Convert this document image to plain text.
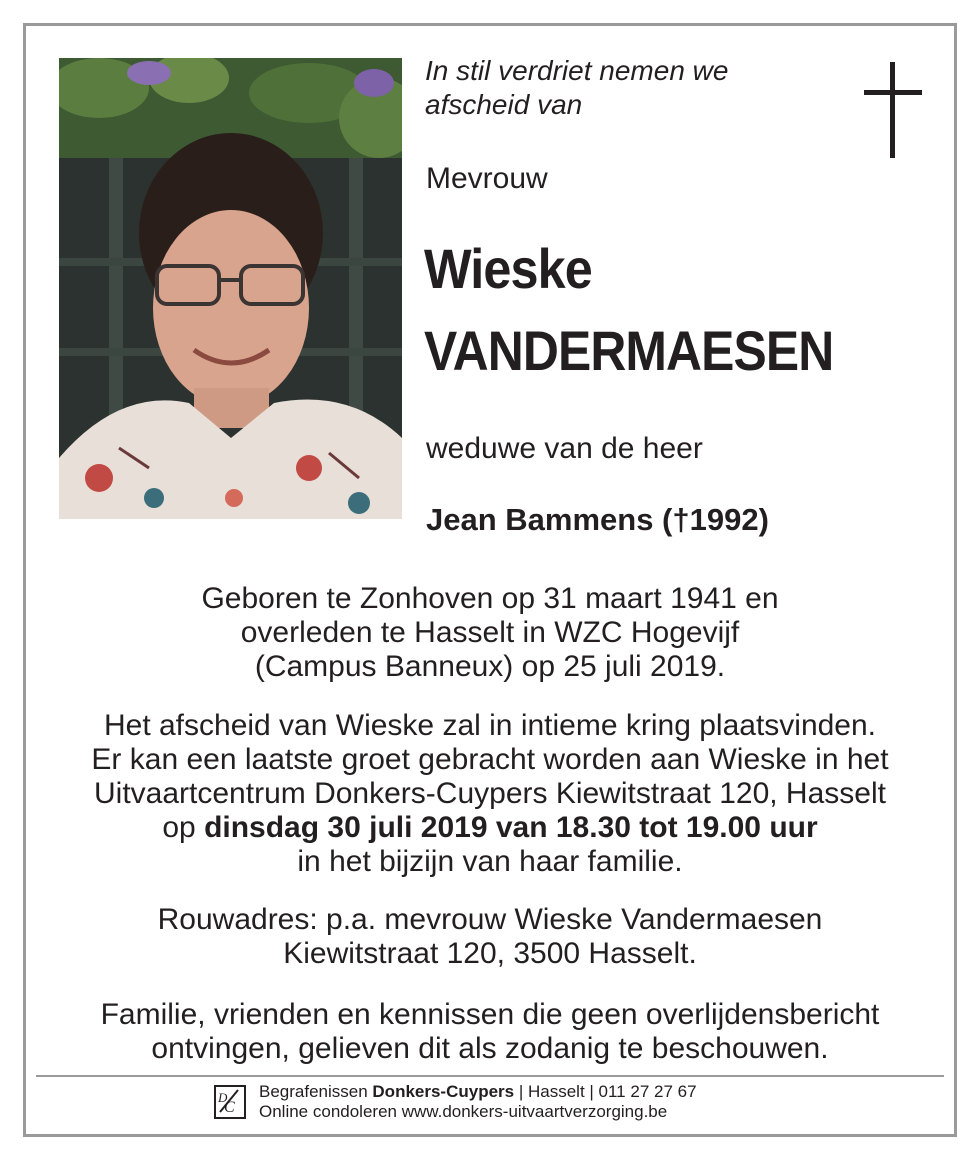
In stil verdriet nemen we
afscheid van
Mevrouw
Wieske
VANDERMAESEN
weduwe van de heer
Jean Bammens (†1992)
Geboren te Zonhoven op 31 maart 1941 en
overleden te Hasselt in WZC Hogevijf
(Campus Banneux) op 25 juli 2019.
Het afscheid van Wieske zal in intieme kring plaatsvinden.
Er kan een laatste groet gebracht worden aan Wieske in het
Uitvaartcentrum Donkers-Cuypers Kiewitstraat 120, Hasselt
op dinsdag 30 juli 2019 van 18.30 tot 19.00 uur
in het bijzijn van haar familie.
Rouwadres: p.a. mevrouw Wieske Vandermaesen
Kiewitstraat 120, 3500 Hasselt.
Familie, vrienden en kennissen die geen overlijdensbericht
ontvingen, gelieven dit als zodanig te beschouwen.
C
D Begrafenissen Donkers-Cuypers | Hasselt | 011 27 27 67
Online condoleren www.donkers-uitvaartverzorging.be
